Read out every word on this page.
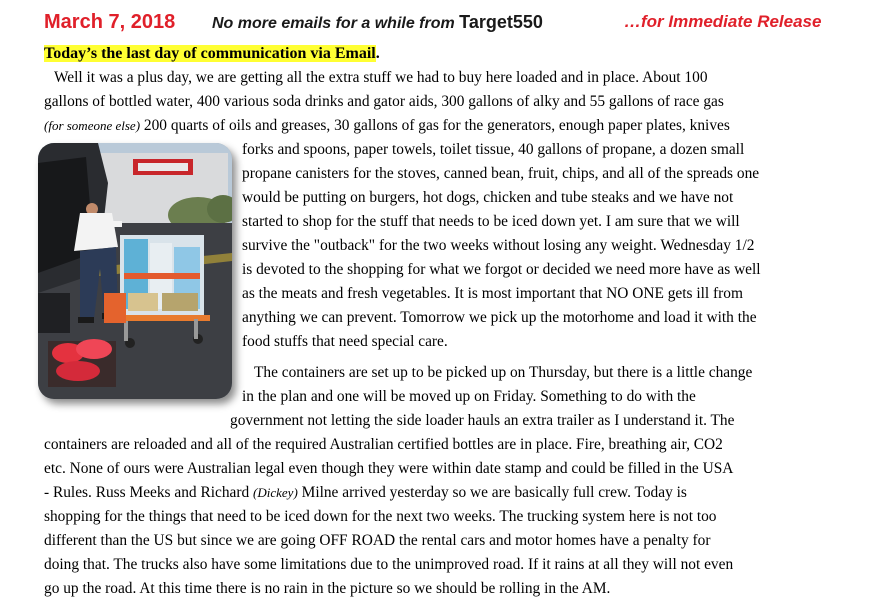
March 7, 2018 No more emails for a while from Target550	…for Immediate Release
Today’s the last day of communication via Email.
Well it was a plus day, we are getting all the extra stuff we had to buy here loaded and in place. About 100
gallons of bottled water, 400 various soda drinks and gator aids, 300 gallons of alky and 55 gallons of race gas
(for someone else) 200 quarts of oils and greases, 30 gallons of gas for the generators, enough paper plates, knives
forks and spoons, paper towels, toilet tissue, 40 gallons of propane, a dozen small
propane canisters for the stoves, canned bean, fruit, chips, and all of the spreads one
would be putting on burgers, hot dogs, chicken and tube steaks and we have not
started to shop for the stuff that needs to be iced down yet. I am sure that we will
survive the "outback" for the two weeks without losing any weight. Wednesday 1/2
is devoted to the shopping for what we forgot or decided we need more have as well
as the meats and fresh vegetables. It is most important that NO ONE gets ill from
anything we can prevent. Tomorrow we pick up the motorhome and load it with the
food stuffs that need special care.
The containers are set up to be picked up on Thursday, but there is a little change
in the plan and one will be moved up on Friday. Something to do with the
government not letting the side loader hauls an extra trailer as I understand it. The
containers are reloaded and all of the required Australian certified bottles are in place. Fire, breathing air, CO2
etc. None of ours were Australian legal even though they were within date stamp and could be filled in the USA
- Rules. Russ Meeks and Richard (Dickey) Milne arrived yesterday so we are basically full crew. Today is
shopping for the things that need to be iced down for the next two weeks. The trucking system here is not too
different than the US but since we are going OFF ROAD the rental cars and motor homes have a penalty for
doing that. The trucks also have some limitations due to the unimproved road. If it rains at all they will not even
go up the road. At this time there is no rain in the picture so we should be rolling in the AM.
